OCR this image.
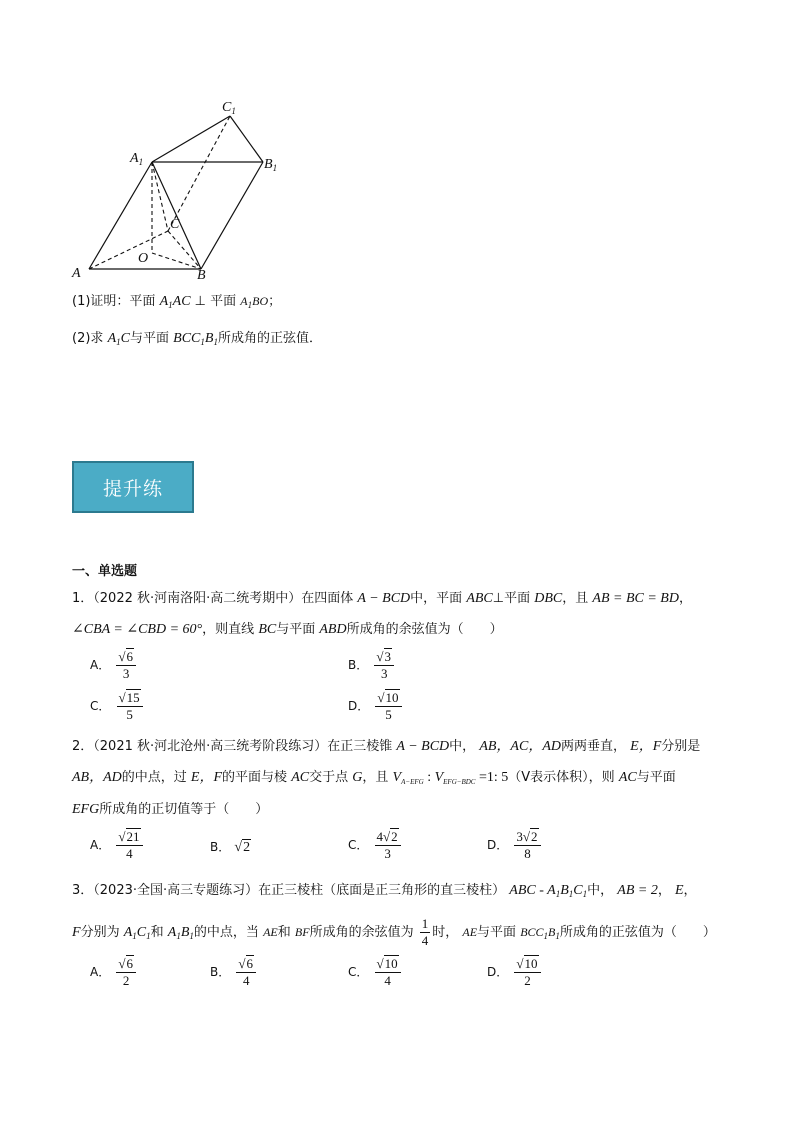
$C_1$
$A_1$	$B_1$
C
O
A	B
(1)证明：平面 $A_1AC$ ⊥ 平面 $A_1BO$；
(2)求 $A_1C$与平面 $BCC_1B_1$所成角的正弦值．
提升练
一、单选题
1．（2022 秋·河南洛阳·高二统考期中）在四面体 A − BCD中，平面 ABC⊥平面 DBC，且 AB = BC = BD，
∠CBA = ∠CBD = 60°，则直线 BC与平面 ABD所成角的余弦值为（　　）
A． $\frac{√6}{3}$	B． $\frac{√3}{3}$
C． $\frac{√15}{5}$	D． $\frac{√10}{5}$
2．（2021 秋·河北沧州·高三统考阶段练习）在正三棱锥 A − BCD中， AB，AC，AD两两垂直， E，F分别是
AB，AD的中点，过 E，F的平面与棱 AC交于点 G，且 $V_{A-EFG}$ : $V_{EFG-BDC} =1$: 5（V表示体积），则 AC与平面
EFG所成角的正切值等于（　　）
A． $\frac{√21}{4}$	B． √2	C． $\frac{4√2}{3}$	D． $\frac{3√2}{8}$
3．（2023·全国·高三专题练习）在正三棱柱（底面是正三角形的直三棱柱） ABC - $A_1B_1C_1$中， AB = 2， E，
F分别为 $A_1C_1$和 $A_1B_1$的中点，当 AE和 BF所成角的余弦值为 $\frac{1}{4}$ 时， AE与平面 $BCC_1B_1$所成角的正弦值为（　　）
A． $\frac{√6}{2}$	B． $\frac{√6}{4}$	C． $\frac{√10}{4}$	D． $\frac{√10}{2}$
